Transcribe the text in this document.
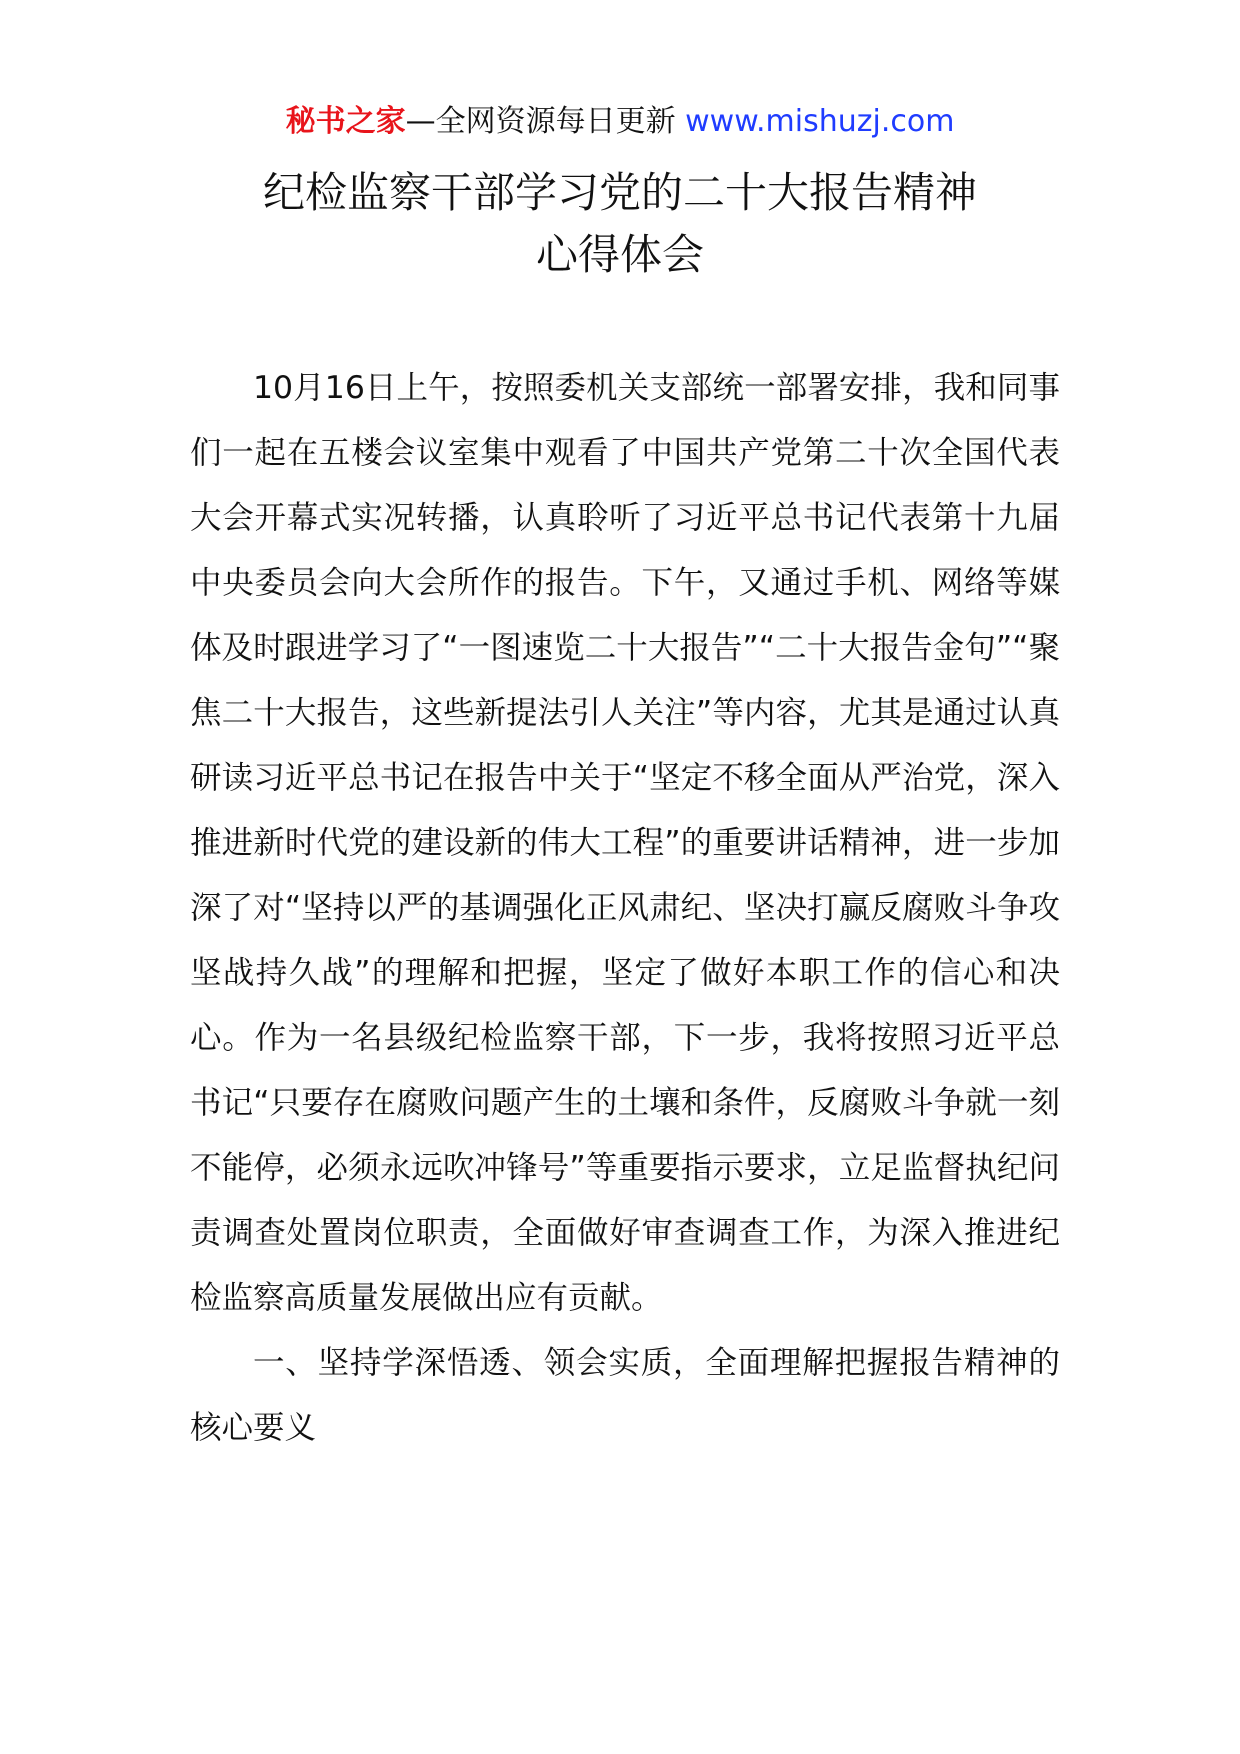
秘书之家—全网资源每日更新 www.mishuzj.com
纪检监察干部学习党的二十大报告精神
心得体会

10月16日上午，按照委机关支部统一部署安排，我和同事们一起在五楼会议室集中观看了中国共产党第二十次全国代表大会开幕式实况转播，认真聆听了习近平总书记代表第十九届中央委员会向大会所作的报告。下午，又通过手机、网络等媒体及时跟进学习了“一图速览二十大报告”“二十大报告金句”“聚焦二十大报告，这些新提法引人关注”等内容，尤其是通过认真研读习近平总书记在报告中关于“坚定不移全面从严治党，深入推进新时代党的建设新的伟大工程”的重要讲话精神，进一步加深了对“坚持以严的基调强化正风肃纪、坚决打赢反腐败斗争攻坚战持久战”的理解和把握，坚定了做好本职工作的信心和决心。作为一名县级纪检监察干部，下一步，我将按照习近平总书记“只要存在腐败问题产生的土壤和条件，反腐败斗争就一刻不能停，必须永远吹冲锋号”等重要指示要求，立足监督执纪问责调查处置岗位职责，全面做好审查调查工作，为深入推进纪检监察高质量发展做出应有贡献。

一、坚持学深悟透、领会实质，全面理解把握报告精神的核心要义
